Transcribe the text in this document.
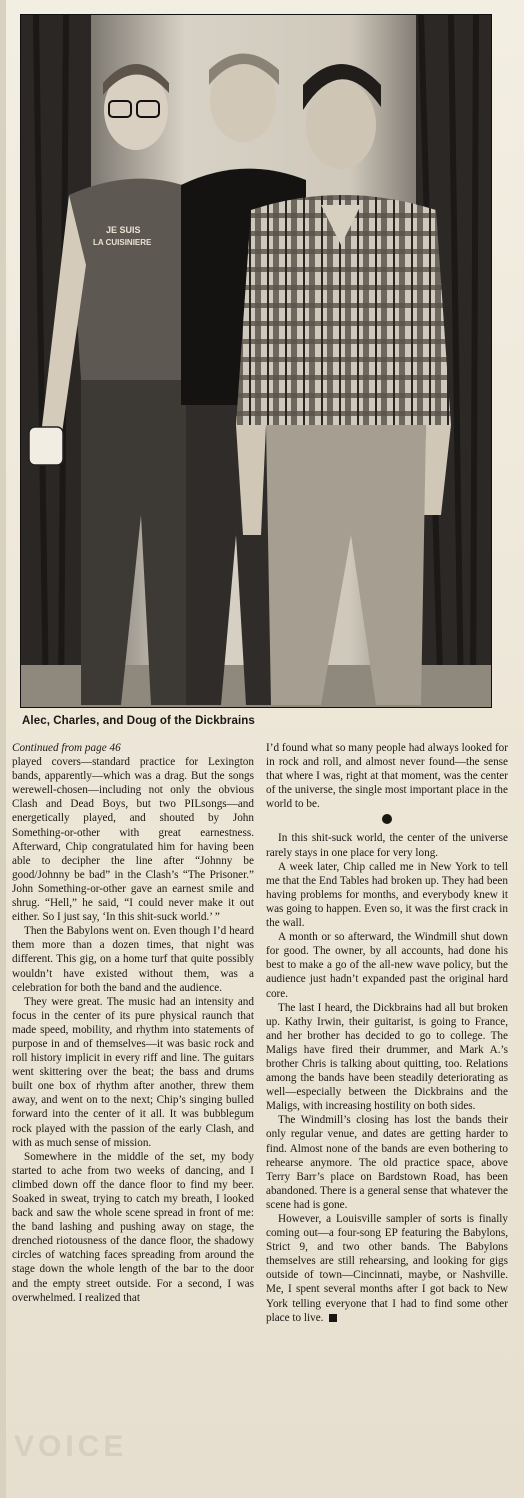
JE SUIS
LA CUISINIERE
Alec, Charles, and Doug of the Dickbrains

Continued from page 46

played covers—standard practice for Lexington bands, apparently—which was a drag. But the songs werewell-chosen—including not only the obvious Clash and Dead Boys, but two PILsongs—and energetically played, and shouted by John Something-or-other with great earnestness. Afterward, Chip congratulated him for having been able to decipher the line after “Johnny be good/Johnny be bad” in the Clash’s “The Prisoner.” John Something-or-other gave an earnest smile and shrug. “Hell,” he said, “I could never make it out either. So I just say, ‘In this shit-suck world.’ ”

Then the Babylons went on. Even though I’d heard them more than a dozen times, that night was different. This gig, on a home turf that quite possibly wouldn’t have existed without them, was a celebration for both the band and the audience.

They were great. The music had an intensity and focus in the center of its pure physical raunch that made speed, mobility, and rhythm into statements of purpose in and of themselves—it was basic rock and roll history implicit in every riff and line. The guitars went skittering over the beat; the bass and drums built one box of rhythm after another, threw them away, and went on to the next; Chip’s singing bulled forward into the center of it all. It was bubblegum rock played with the passion of the early Clash, and with as much sense of mission.

Somewhere in the middle of the set, my body started to ache from two weeks of dancing, and I climbed down off the dance floor to find my beer. Soaked in sweat, trying to catch my breath, I looked back and saw the whole scene spread in front of me: the band lashing and pushing away on stage, the drenched riotousness of the dance floor, the shadowy circles of watching faces spreading from around the stage down the whole length of the bar to the door and the empty street outside. For a second, I was overwhelmed. I realized that

I’d found what so many people had always looked for in rock and roll, and almost never found—the sense that where I was, right at that moment, was the center of the universe, the single most important place in the world to be.

In this shit-suck world, the center of the universe rarely stays in one place for very long.

A week later, Chip called me in New York to tell me that the End Tables had broken up. They had been having problems for months, and everybody knew it was going to happen. Even so, it was the first crack in the wall.

A month or so afterward, the Windmill shut down for good. The owner, by all accounts, had done his best to make a go of the all-new wave policy, but the audience just hadn’t expanded past the original hard core.

The last I heard, the Dickbrains had all but broken up. Kathy Irwin, their guitarist, is going to France, and her brother has decided to go to college. The Maligs have fired their drummer, and Mark A.’s brother Chris is talking about quitting, too. Relations among the bands have been steadily deteriorating as well—especially between the Dickbrains and the Maligs, with increasing hostility on both sides.

The Windmill’s closing has lost the bands their only regular venue, and dates are getting harder to find. Almost none of the bands are even bothering to rehearse anymore. The old practice space, above Terry Barr’s place on Bardstown Road, has been abandoned. There is a general sense that whatever the scene had is gone.

However, a Louisville sampler of sorts is finally coming out—a four-song EP featuring the Babylons, Strict 9, and two other bands. The Babylons themselves are still rehearsing, and looking for gigs outside of town—Cincinnati, maybe, or Nashville. Me, I spent several months after I got back to New York telling everyone that I had to find some other place to live.

VOICE
